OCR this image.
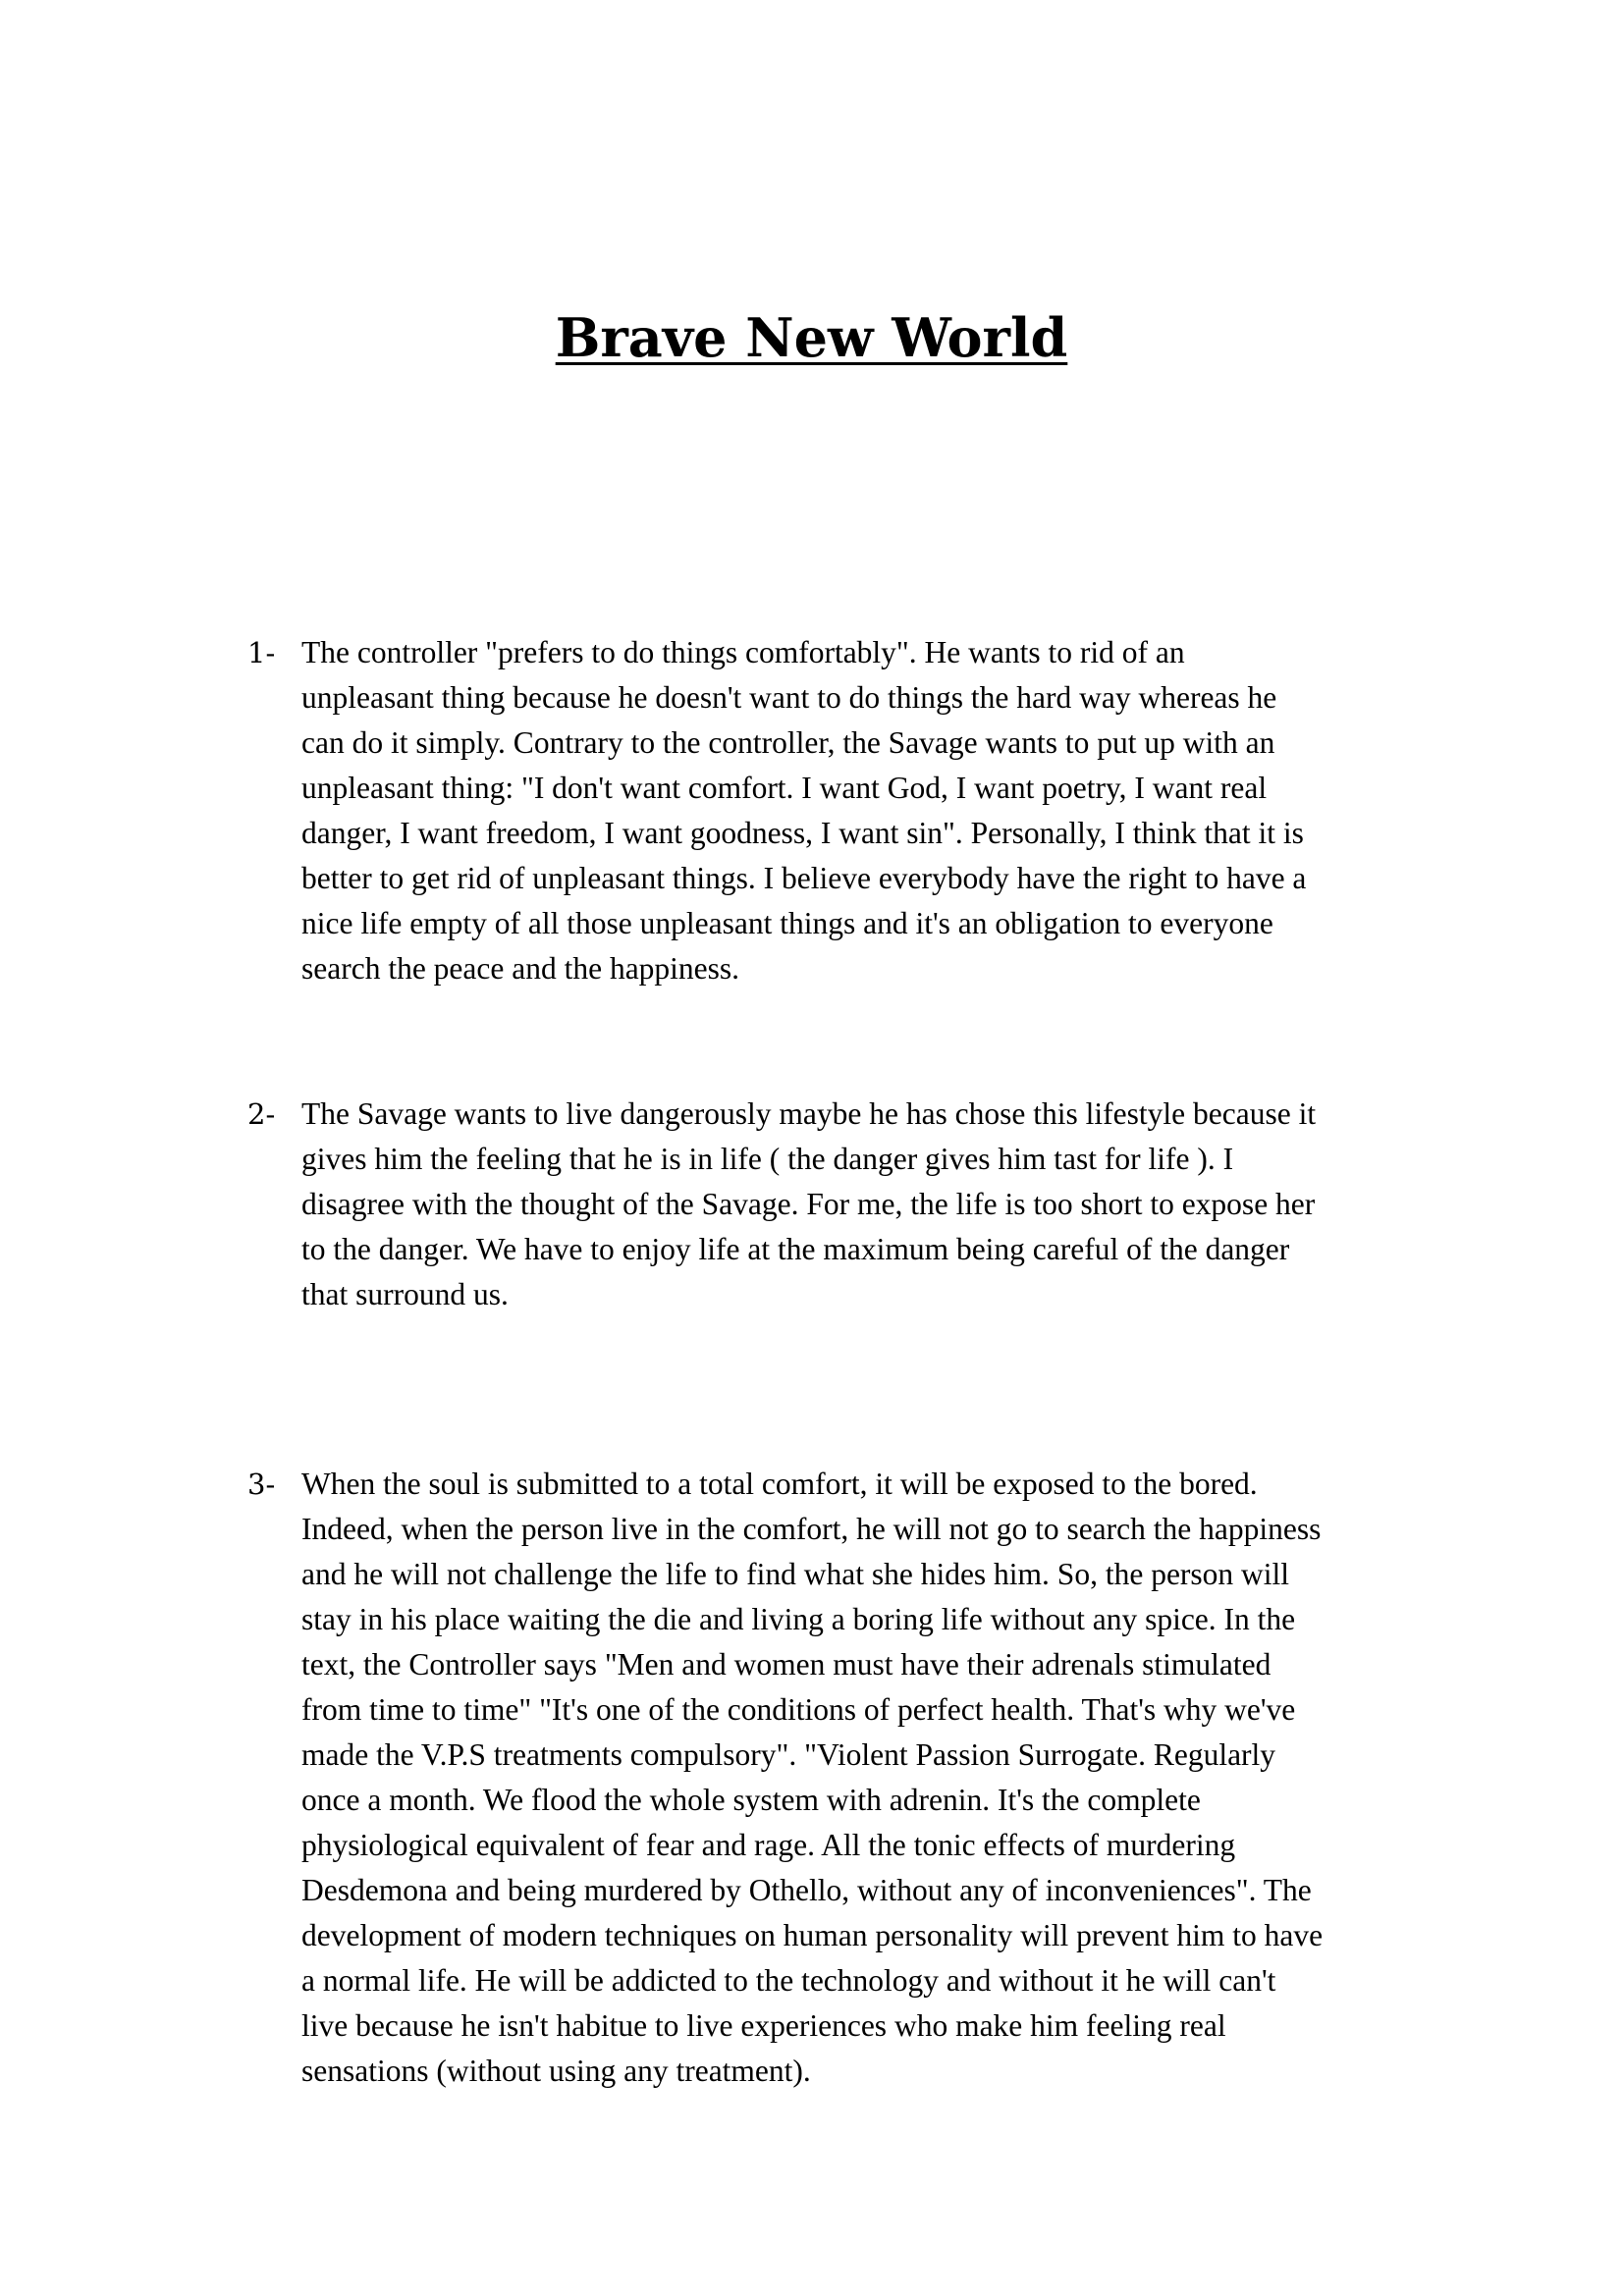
Brave New World
1- The controller "prefers to do things comfortably". He wants to rid of an
unpleasant thing because he doesn't want to do things the hard way whereas he
can do it simply. Contrary to the controller, the Savage wants to put up with an
unpleasant thing: "I don't want comfort. I want God, I want poetry, I want real
danger, I want freedom, I want goodness, I want sin". Personally, I think that it is
better to get rid of unpleasant things. I believe everybody have the right to have a
nice life empty of all those unpleasant things and it's an obligation to everyone
search the peace and the happiness.

2- The Savage wants to live dangerously maybe he has chose this lifestyle because it
gives him the feeling that he is in life ( the danger gives him tast for life ). I
disagree with the thought of the Savage. For me, the life is too short to expose her
to the danger. We have to enjoy life at the maximum being careful of the danger
that surround us.

3- When the soul is submitted to a total comfort, it will be exposed to the bored.
Indeed, when the person live in the comfort, he will not go to search the happiness
and he will not challenge the life to find what she hides him. So, the person will
stay in his place waiting the die and living a boring life without any spice. In the
text, the Controller says "Men and women must have their adrenals stimulated
from time to time" "It's one of the conditions of perfect health. That's why we've
made the V.P.S treatments compulsory". "Violent Passion Surrogate. Regularly
once a month. We flood the whole system with adrenin. It's the complete
physiological equivalent of fear and rage. All the tonic effects of murdering
Desdemona and being murdered by Othello, without any of inconveniences". The
development of modern techniques on human personality will prevent him to have
a normal life. He will be addicted to the technology and without it he will can't
live because he isn't habitue to live experiences who make him feeling real
sensations (without using any treatment).
